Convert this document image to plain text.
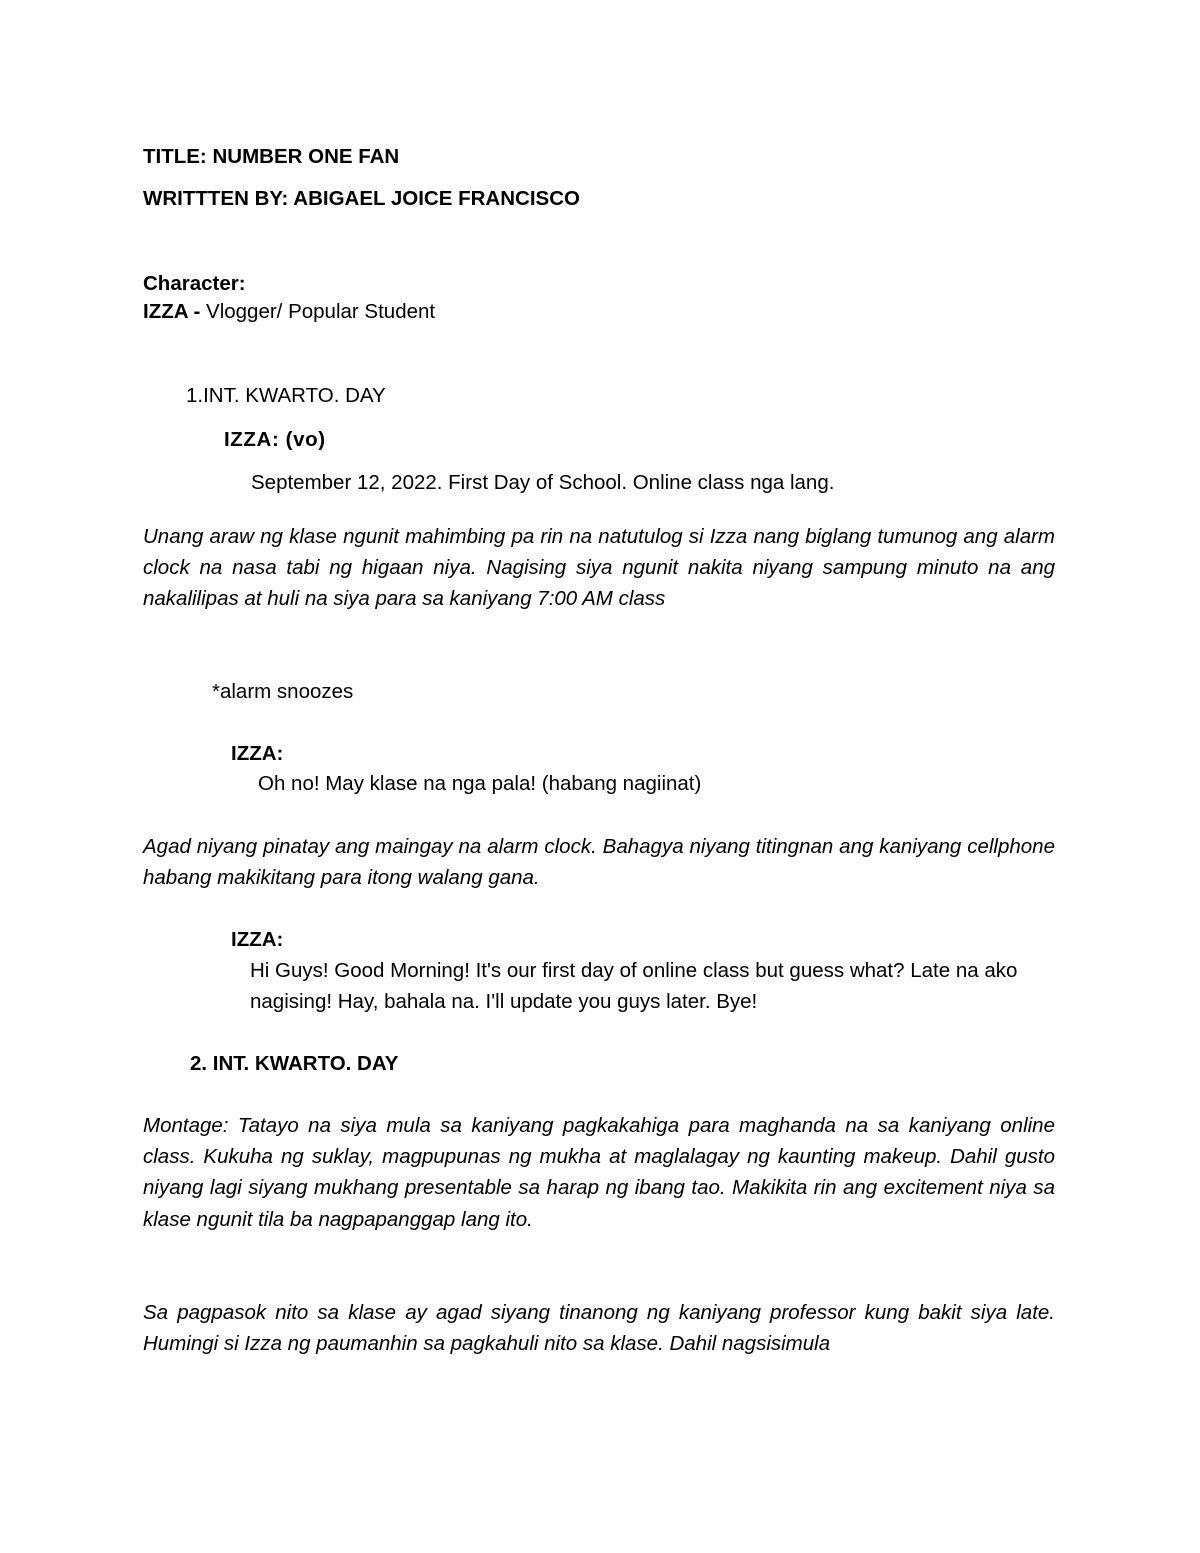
TITLE: NUMBER ONE FAN
WRITTTEN BY: ABIGAEL JOICE FRANCISCO
Character:
IZZA - Vlogger/ Popular Student
1.INT. KWARTO. DAY
IZZA: (vo)
September 12, 2022. First Day of School. Online class nga lang.
Unang araw ng klase ngunit mahimbing pa rin na natutulog si Izza nang biglang tumunog ang alarm clock na nasa tabi ng higaan niya. Nagising siya ngunit nakita niyang sampung minuto na ang nakalilipas at huli na siya para sa kaniyang 7:00 AM class
*alarm snoozes
IZZA:
Oh no! May klase na nga pala! (habang nagiinat)
Agad niyang pinatay ang maingay na alarm clock. Bahagya niyang titingnan ang kaniyang cellphone habang makikitang para itong walang gana.
IZZA:
Hi Guys! Good Morning! It's our first day of online class but guess what? Late na ako nagising! Hay, bahala na. I'll update you guys later. Bye!
2. INT. KWARTO. DAY
Montage: Tatayo na siya mula sa kaniyang pagkakahiga para maghanda na sa kaniyang online class. Kukuha ng suklay, magpupunas ng mukha at maglalagay ng kaunting makeup. Dahil gusto niyang lagi siyang mukhang presentable sa harap ng ibang tao. Makikita rin ang excitement niya sa klase ngunit tila ba nagpapanggap lang ito.
Sa pagpasok nito sa klase ay agad siyang tinanong ng kaniyang professor kung bakit siya late. Humingi si Izza ng paumanhin sa pagkahuli nito sa klase. Dahil nagsisimula
